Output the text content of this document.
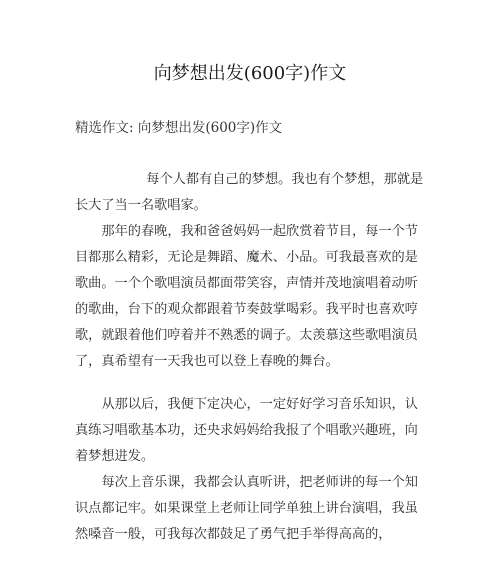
向梦想出发(600字)作文
精选作文: 向梦想出发(600字)作文

每个人都有自己的梦想。我也有个梦想，那就是长大了当一名歌唱家。

那年的春晚，我和爸爸妈妈一起欣赏着节目，每一个节目都那么精彩，无论是舞蹈、魔术、小品。可我最喜欢的是歌曲。一个个歌唱演员都面带笑容，声情并茂地演唱着动听的歌曲，台下的观众都跟着节奏鼓掌喝彩。我平时也喜欢哼歌，就跟着他们哼着并不熟悉的调子。太羡慕这些歌唱演员了，真希望有一天我也可以登上春晚的舞台。

从那以后，我便下定决心，一定好好学习音乐知识，认真练习唱歌基本功，还央求妈妈给我报了个唱歌兴趣班，向着梦想进发。

每次上音乐课，我都会认真听讲，把老师讲的每一个知识点都记牢。如果课堂上老师让同学单独上讲台演唱，我虽然嗓音一般，可我每次都鼓足了勇气把手举得高高的，
